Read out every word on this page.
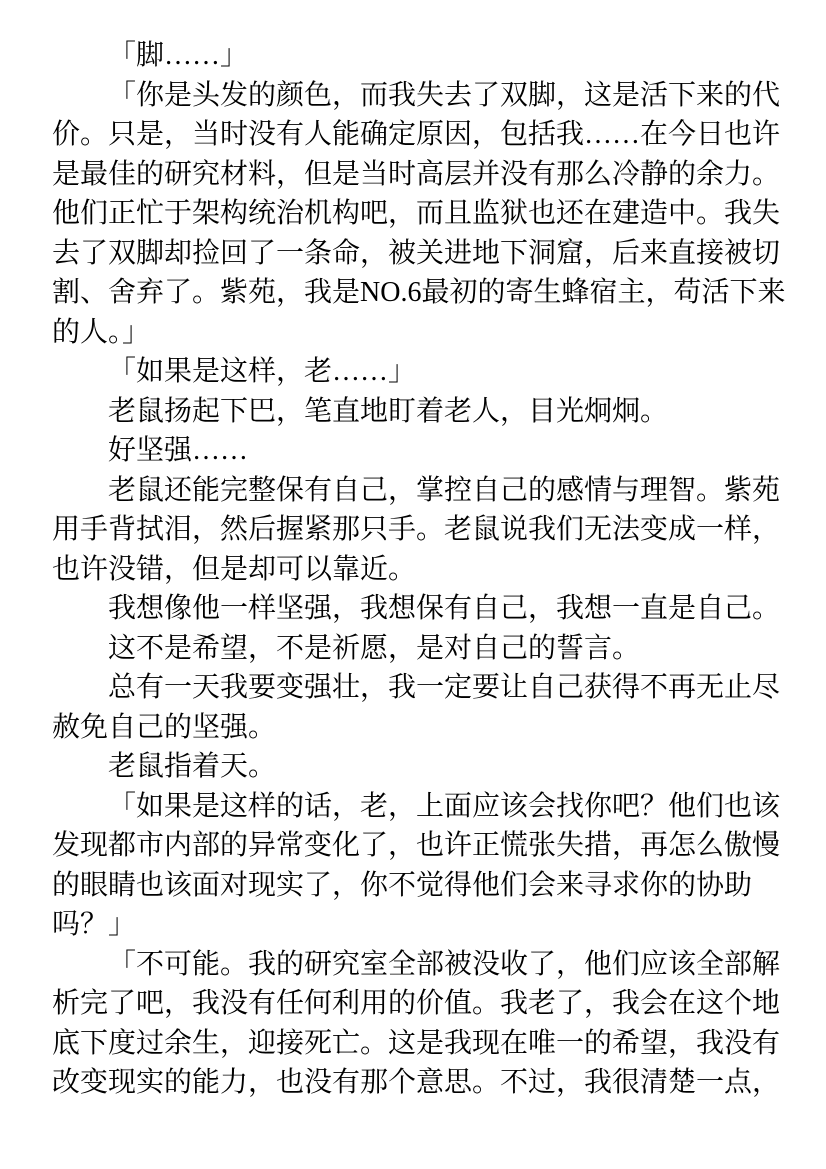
「脚……」
「你是头发的颜色，而我失去了双脚，这是活下来的代
价。只是，当时没有人能确定原因，包括我……在今日也许
是最佳的研究材料，但是当时高层并没有那么冷静的余力。
他们正忙于架构统治机构吧，而且监狱也还在建造中。我失
去了双脚却捡回了一条命，被关进地下洞窟，后来直接被切
割、舍弃了。紫苑，我是NO.6最初的寄生蜂宿主，苟活下来
的人。」
「如果是这样，老……」
老鼠扬起下巴，笔直地盯着老人，目光炯炯。
好坚强……
老鼠还能完整保有自己，掌控自己的感情与理智。紫苑
用手背拭泪，然后握紧那只手。老鼠说我们无法变成一样，
也许没错，但是却可以靠近。
我想像他一样坚强，我想保有自己，我想一直是自己。
这不是希望，不是祈愿，是对自己的誓言。
总有一天我要变强壮，我一定要让自己获得不再无止尽
赦免自己的坚强。
老鼠指着天。
「如果是这样的话，老，上面应该会找你吧？他们也该
发现都市内部的异常变化了，也许正慌张失措，再怎么傲慢
的眼睛也该面对现实了，你不觉得他们会来寻求你的协助
吗？」
「不可能。我的研究室全部被没收了，他们应该全部解
析完了吧，我没有任何利用的价值。我老了，我会在这个地
底下度过余生，迎接死亡。这是我现在唯一的希望，我没有
改变现实的能力，也没有那个意思。不过，我很清楚一点，
